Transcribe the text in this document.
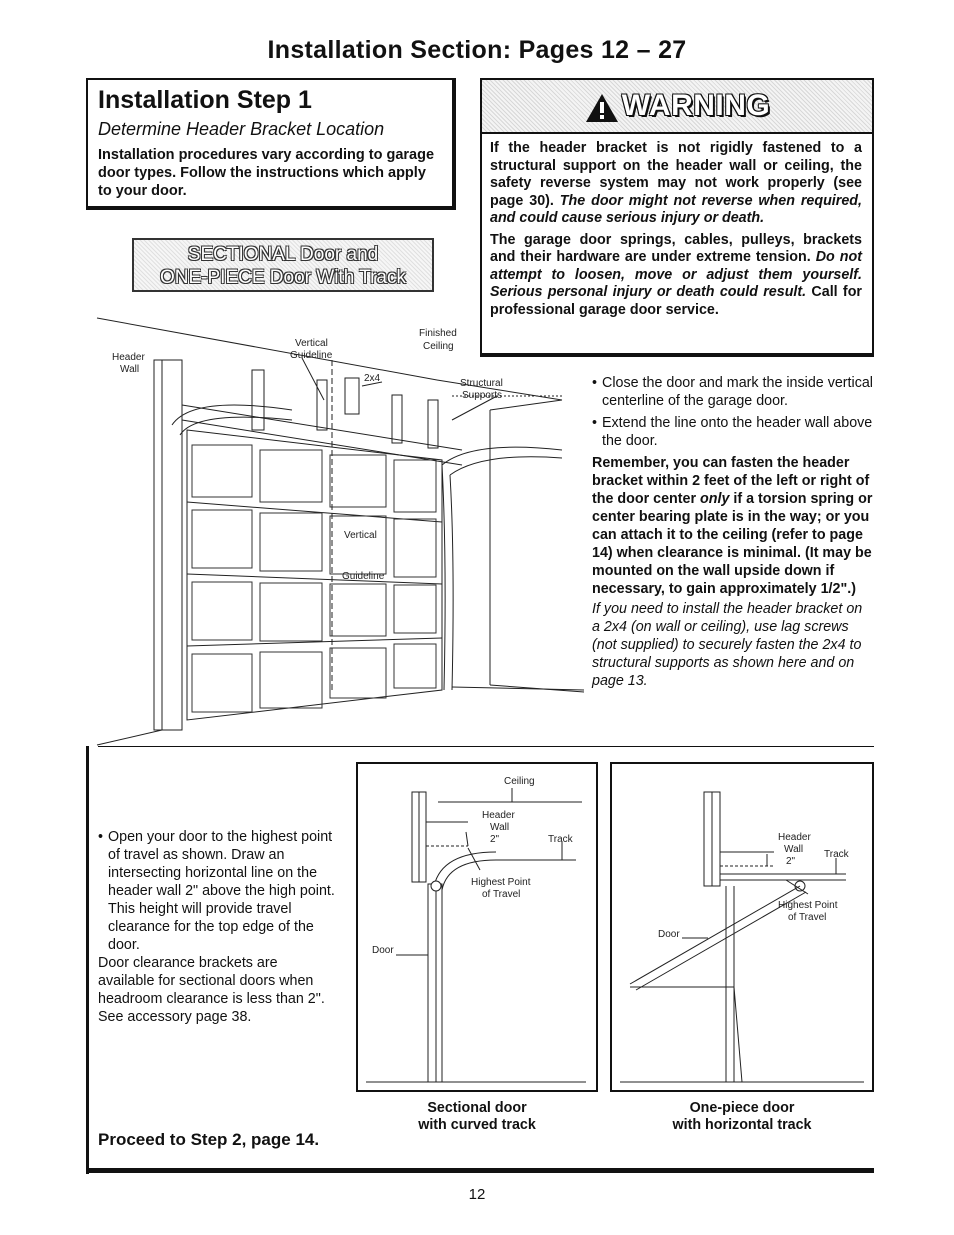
Installation Section: Pages 12 – 27
Installation Step 1
Determine Header Bracket Location
Installation procedures vary according to garage door types. Follow the instructions which apply to your door.
SECTIONAL Door and
ONE-PIECE Door With Track
WARNING

If the header bracket is not rigidly fastened to a structural support on the header wall or ceiling, the safety reverse system may not work properly (see page 30). The door might not reverse when required, and could cause serious injury or death.

The garage door springs, cables, pulleys, brackets and their hardware are under extreme tension. Do not attempt to loosen, move or adjust them yourself. Serious personal injury or death could result. Call for professional garage door service.

Header
Wall
Vertical
Guideline
Finished
Ceiling
2x4	Structural
Supports
Vertical
Guideline
• Close the door and mark the inside vertical centerline of the garage door.
• Extend the line onto the header wall above the door.
Remember, you can fasten the header bracket within 2 feet of the left or right of the door center only if a torsion spring or center bearing plate is in the way; or you can attach it to the ceiling (refer to page 14) when clearance is minimal. (It may be mounted on the wall upside down if necessary, to gain approximately 1/2".)
If you need to install the header bracket on a 2x4 (on wall or ceiling), use lag screws (not supplied) to securely fasten the 2x4 to structural supports as shown here and on page 13.
• Open your door to the highest point of travel as shown. Draw an intersecting horizontal line on the header wall 2" above the high point. This height will provide travel clearance for the top edge of the door.
Door clearance brackets are available for sectional doors when headroom clearance is less than 2". See accessory page 38.
Ceiling
Header
Wall
2"	Track
Highest Point
of Travel
Door
Sectional door
with curved track
Header
Wall
2"
Track
Highest Point
of Travel
Door
One-piece door
with horizontal track
Proceed to Step 2, page 14.
12
